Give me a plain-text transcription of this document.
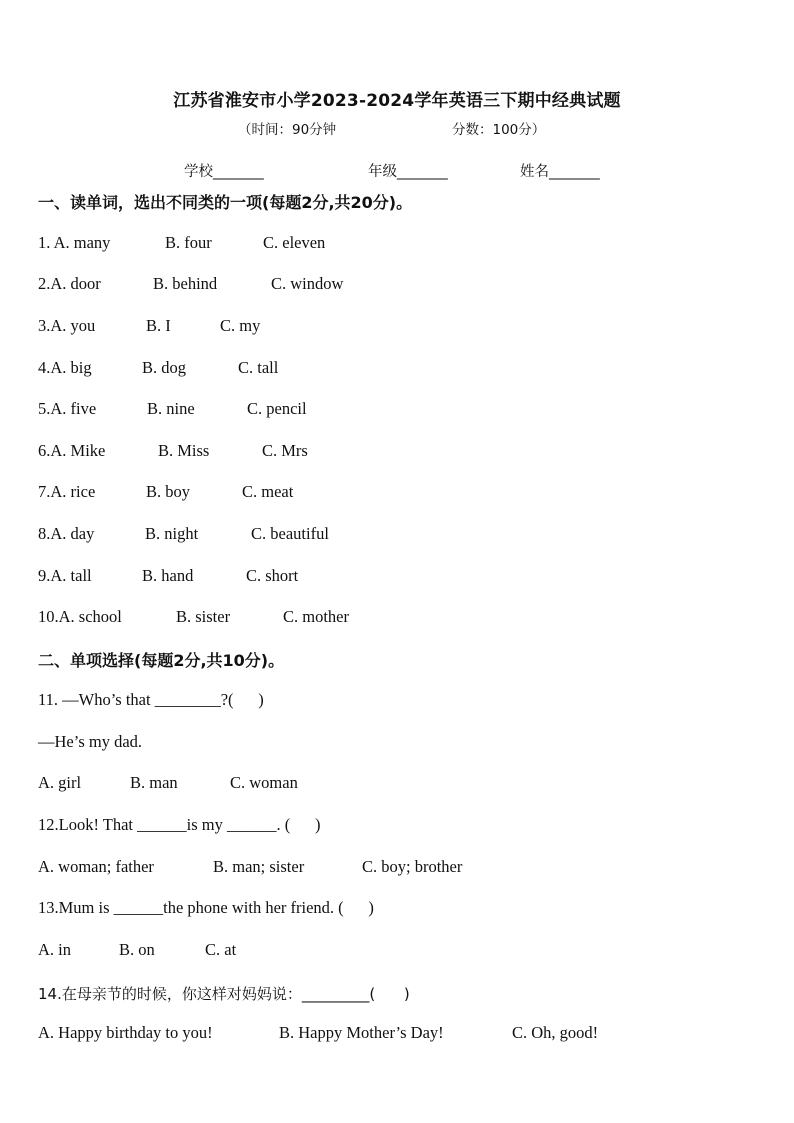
江苏省淮安市小学2023-2024学年英语三下期中经典试题
（时间：90分钟	分数：100分）
学校_______	年级_______	姓名_______
一、读单词，选出不同类的一项(每题2分,共20分)。
1. A. many	B. four	C. eleven
2.A. door	B. behind	C. window
3.A. you	B. I	C. my
4.A. big	B. dog	C. tall
5.A. five	B. nine	C. pencil
6.A. Mike	B. Miss	C. Mrs
7.A. rice	B. boy	C. meat
8.A. day	B. night	C. beautiful
9.A. tall	B. hand	C. short
10.A. school	B. sister	C. mother
二、单项选择(每题2分,共10分)。
11. —Who’s that ________?(      )
—He’s my dad.
A. girl	B. man	C. woman
12.Look! That ______is my ______. (      )
A. woman; father	B. man; sister	C. boy; brother
13.Mum is ______the phone with her friend. (      )
A. in	B. on	C. at
14.在母亲节的时候，你这样对妈妈说：_________(      )
A. Happy birthday to you!	B. Happy Mother’s Day!	C. Oh, good!
